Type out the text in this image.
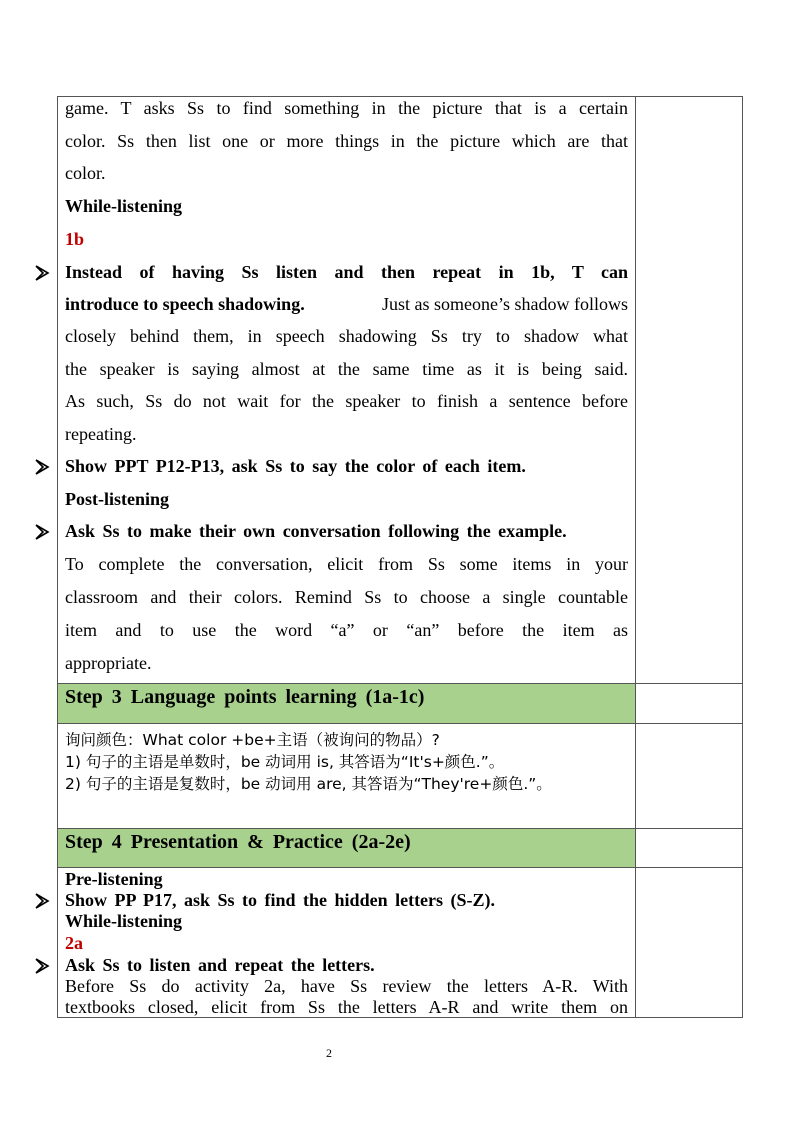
game. T asks Ss to find something in the picture that is a certain
color. Ss then list one or more things in the picture which are that
color.
While-listening
1b
Instead of having Ss listen and then repeat in 1b, T can
introduce to speech shadowing.	Just as someone’s shadow follows
closely behind them, in speech shadowing Ss try to shadow what
the speaker is saying almost at the same time as it is being said.
As such, Ss do not wait for the speaker to finish a sentence before
repeating.
Show PPT P12-P13, ask Ss to say the color of each item.
Post-listening
Ask Ss to make their own conversation following the example.
To complete the conversation, elicit from Ss some items in your
classroom and their colors. Remind Ss to choose a single countable
item and to use the word “a” or “an” before the item as
appropriate.
Step 3 Language points learning (1a-1c)
询问颜色：What color +be+主语（被询问的物品）?
1) 句子的主语是单数时，be 动词用 is, 其答语为“It's+颜色.”。
2) 句子的主语是复数时，be 动词用 are, 其答语为“They're+颜色.”。
Step 4 Presentation & Practice (2a-2e)
Pre-listening
Show PP P17, ask Ss to find the hidden letters (S-Z).
While-listening
2a
Ask Ss to listen and repeat the letters.
Before Ss do activity 2a, have Ss review the letters A-R. With
textbooks closed, elicit from Ss the letters A-R and write them on
2
